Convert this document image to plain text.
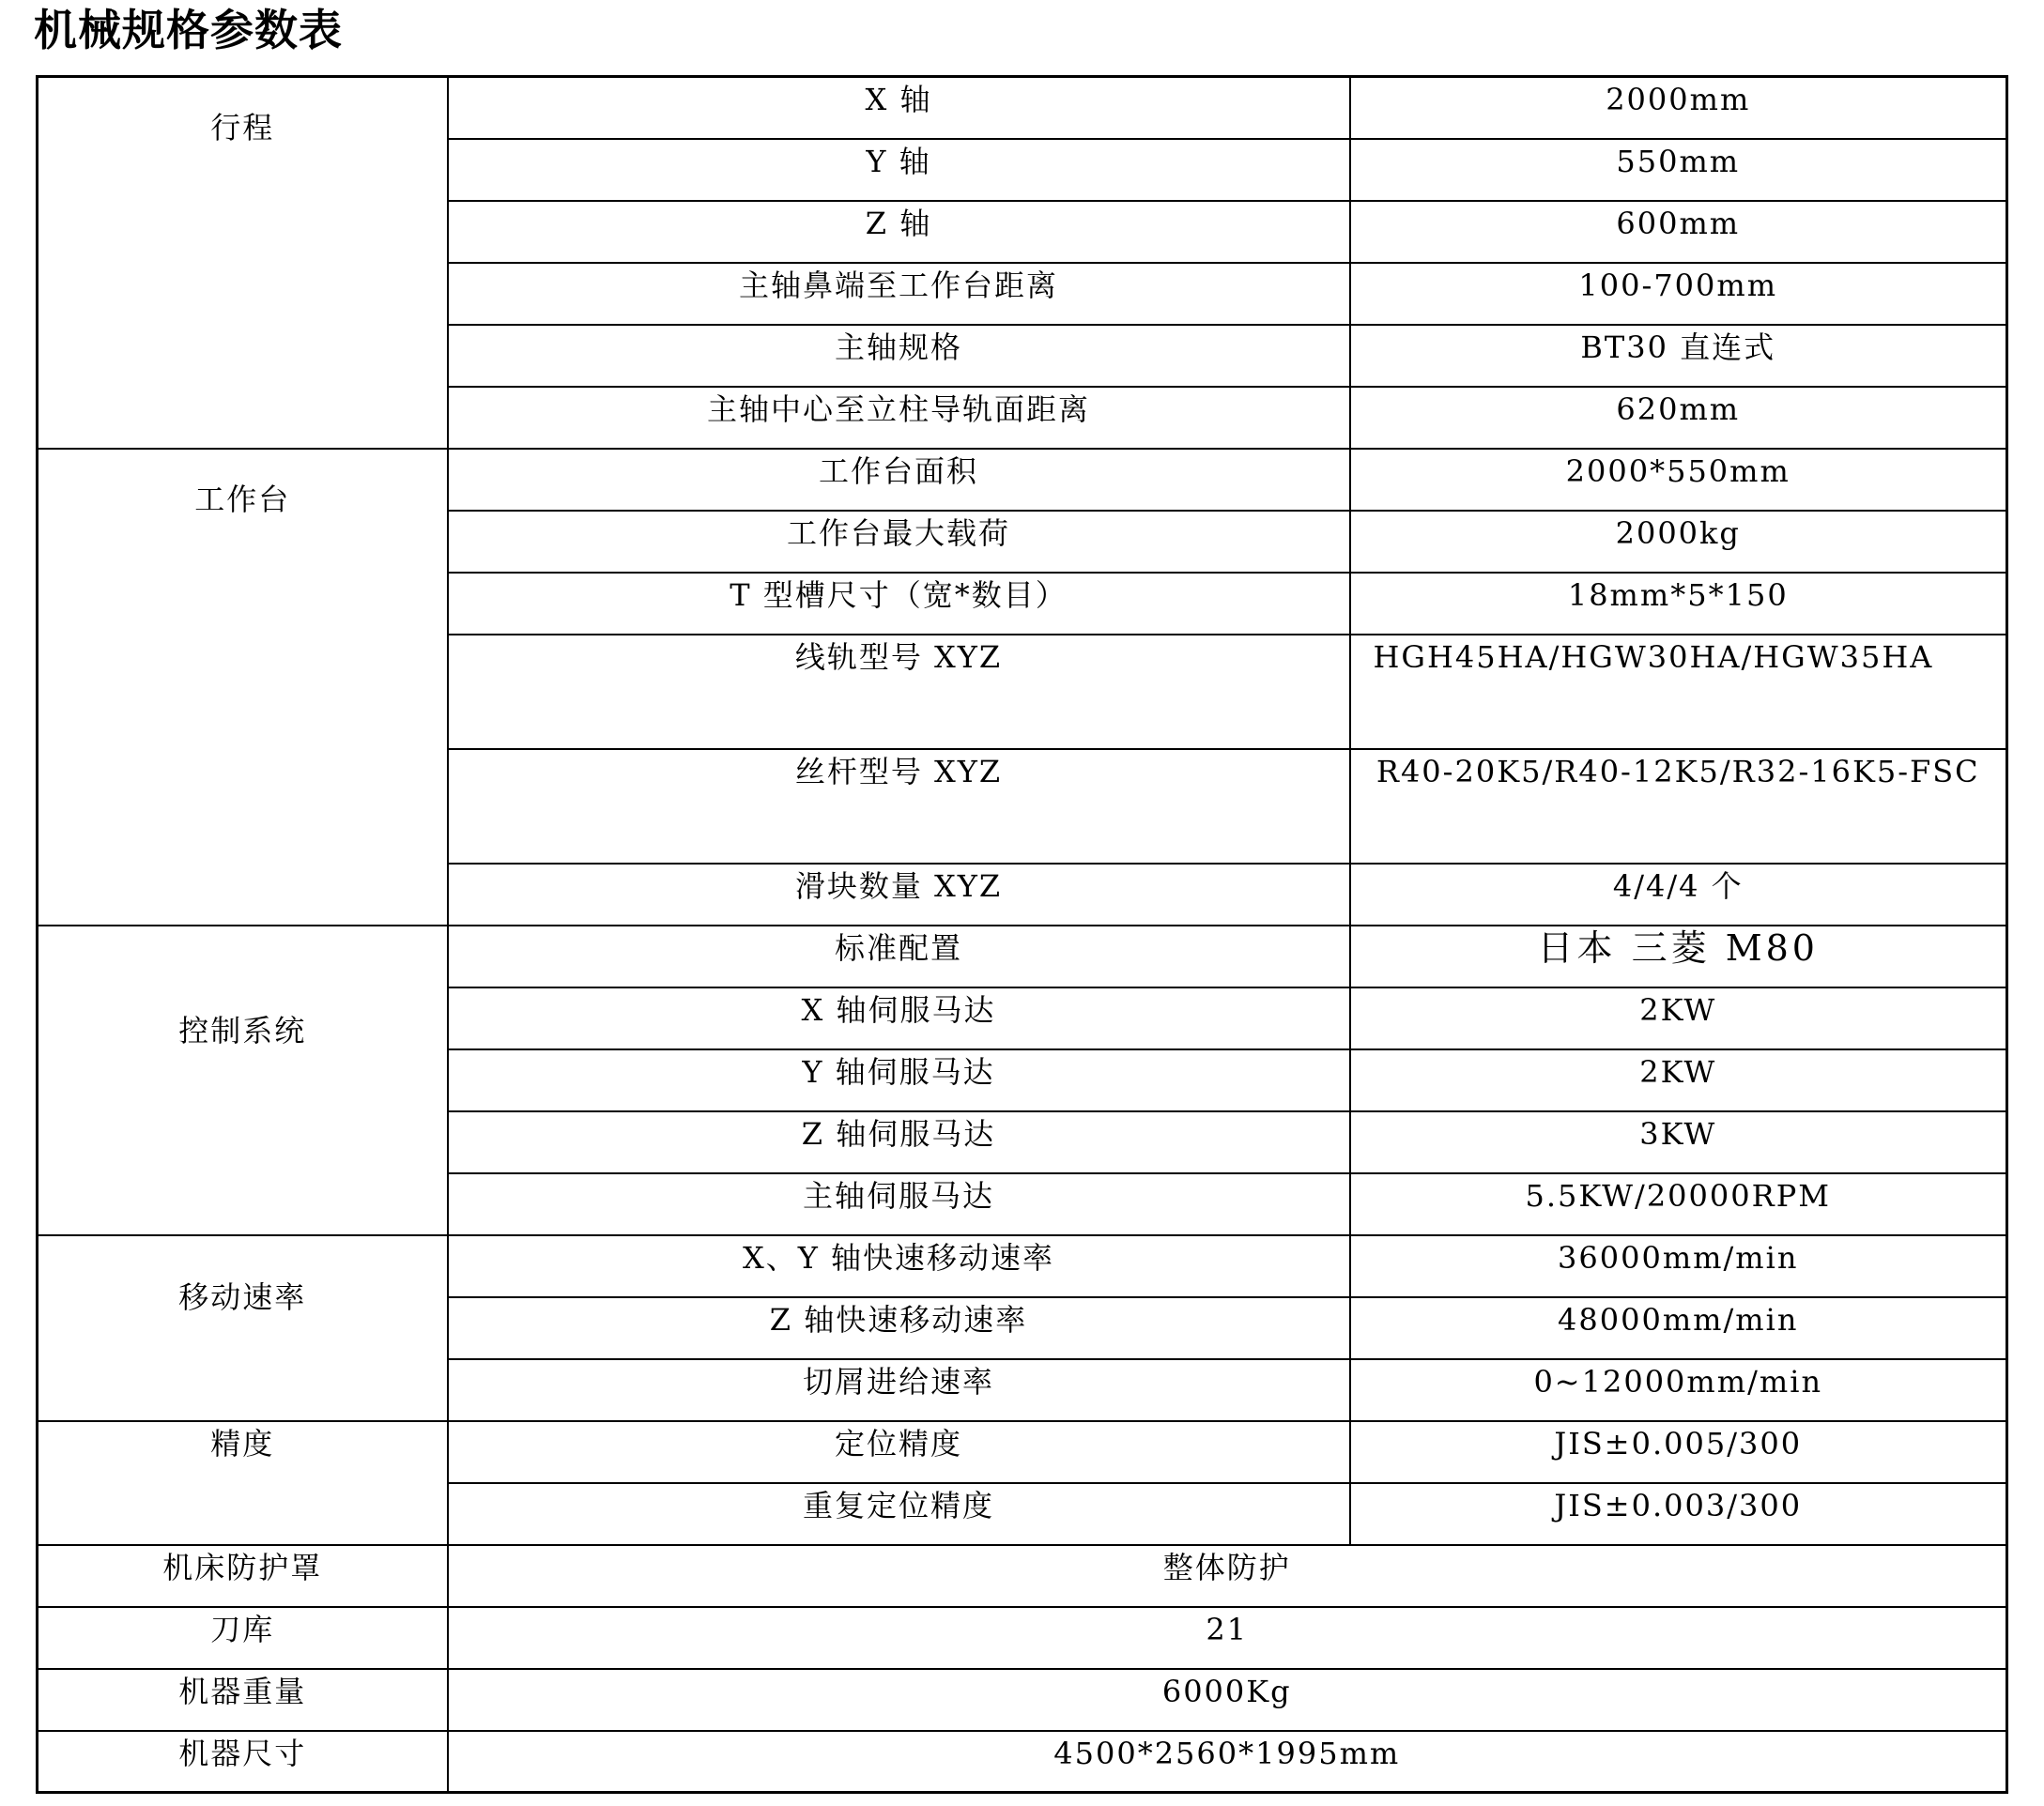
机械规格参数表
行程	X 轴	2000mm
	Y 轴	550mm
	Z 轴	600mm
	主轴鼻端至工作台距离	100-700mm
	主轴规格	BT30 直连式
	主轴中心至立柱导轨面距离	620mm
工作台	工作台面积	2000*550mm
	工作台最大载荷	2000kg
	T 型槽尺寸（宽*数目）	18mm*5*150
	线轨型号 XYZ	HGH45HA/HGW30HA/HGW35HA
	丝杆型号 XYZ	R40-20K5/R40-12K5/R32-16K5-FSC
	滑块数量 XYZ	4/4/4 个
控制系统	标准配置	日本 三菱 M80
	X 轴伺服马达	2KW
	Y 轴伺服马达	2KW
	Z 轴伺服马达	3KW
	主轴伺服马达	5.5KW/20000RPM
移动速率	X、Y 轴快速移动速率	36000mm/min
	Z 轴快速移动速率	48000mm/min
	切屑进给速率	0~12000mm/min
精度	定位精度	JIS±0.005/300
	重复定位精度	JIS±0.003/300
机床防护罩	整体防护	
刀库	21	
机器重量	6000Kg	
机器尺寸	4500*2560*1995mm	
